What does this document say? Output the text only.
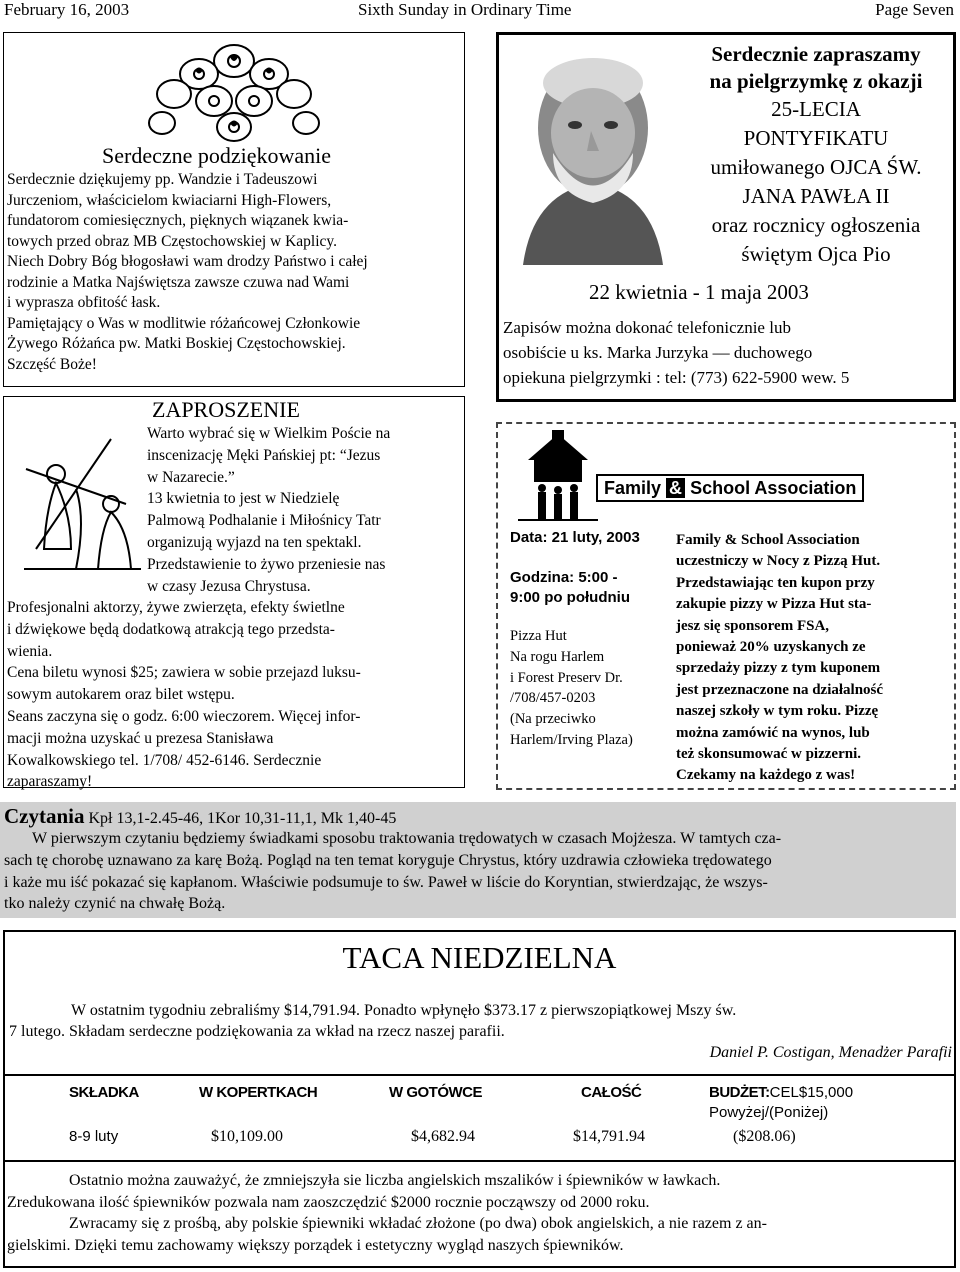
February 16, 2003	Sixth Sunday in Ordinary Time	Page Seven
Serdeczne podziękowanie

Serdecznie dziękujemy pp. Wandzie i Tadeuszowi

Jurczeniom, właścicielom kwiaciarni High-Flowers,

fundatorom comiesięcznych, pięknych wiązanek kwia-

towych przed obraz MB Częstochowskiej w Kaplicy.

Niech Dobry Bóg błogosławi wam drodzy Państwo i całej

rodzinie a Matka Najświętsza zawsze czuwa nad Wami

i wyprasza obfitość łask.

Pamiętający o Was w modlitwie różańcowej Członkowie

Żywego Różańca pw. Matki Boskiej Częstochowskiej.

Szczęść Boże!

Serdecznie zapraszamy
na pielgrzymkę z okazji
25-LECIA
PONTYFIKATU
umiłowanego OJCA ŚW.
JANA PAWŁA II
oraz rocznicy ogłoszenia
świętym Ojca Pio
22 kwietnia - 1 maja 2003
Zapisów można dokonać telefonicznie lub
osobiście u ks. Marka Jurzyka — duchowego
opiekuna pielgrzymki : tel: (773) 622-5900 wew. 5
ZAPROSZENIE

Warto wybrać się w Wielkim Poście na

inscenizację Męki Pańskiej pt: “Jezus

w Nazarecie.”

13 kwietnia to jest w Niedzielę

Palmową Podhalanie i Miłośnicy Tatr

organizują wyjazd na ten spektakl.

Przedstawienie to żywo przeniesie nas

w czasy Jezusa Chrystusa.

Profesjonalni aktorzy, żywe zwierzęta, efekty świetlne

i dźwiękowe będą dodatkową atrakcją tego przedsta-

wienia.

Cena biletu wynosi $25; zawiera w sobie przejazd luksu-

sowym autokarem oraz bilet wstępu.

Seans zaczyna się o godz. 6:00 wieczorem. Więcej infor-

macji można uzyskać u prezesa Stanisława

Kowalkowskiego tel. 1/708/ 452-6146. Serdecznie

zaparaszamy!

Family & School Association
Data: 21 luty, 2003
Godzina: 5:00 -
9:00 po południu
Pizza Hut
Na rogu Harlem
i Forest Preserv Dr.
/708/457-0203
(Na przeciwko
Harlem/Irving Plaza)
Family & School Association
uczestniczy w Nocy z Pizzą Hut.
Przedstawiając ten kupon przy
zakupie pizzy w Pizza Hut sta-
jesz się sponsorem FSA,
ponieważ 20% uzyskanych ze
sprzedaży pizzy z tym kuponem
jest przeznaczone na działalność
naszej szkoły w tym roku. Pizzę
można zamówić na wynos, lub
też skonsumować w pizzerni.
Czekamy na każdego z was!
Czytania Kpł 13,1-2.45-46, 1Kor 10,31-11,1, Mk 1,40-45
W pierwszym czytaniu będziemy świadkami sposobu traktowania trędowatych w czasach Mojżesza. W tamtych cza-
sach tę chorobę uznawano za karę Bożą. Pogląd na ten temat koryguje Chrystus, który uzdrawia człowieka trędowatego
i każe mu iść pokazać się kapłanom. Właściwie podsumuje to św. Paweł w liście do Koryntian, stwierdzając, że wszys-
tko należy czynić na chwałę Bożą.
TACA NIEDZIELNA
W ostatnim tygodniu zebraliśmy $14,791.94. Ponadto wpłynęło $373.17 z pierwszopiątkowej Mszy św.
7 lutego. Składam serdeczne podziękowania za wkład na rzecz naszej parafii.
Daniel P. Costigan, Menadżer Parafii
SKŁADKA	W KOPERTKACH	W GOTÓWCE	CAŁOŚĆ	BUDŻET:CEL$15,000
Powyżej/(Poniżej)
8-9 luty	$10,109.00	$4,682.94	$14,791.94	($208.06)
Ostatnio można zauważyć, że zmniejszyła sie liczba angielskich mszalików i śpiewników w ławkach.
Zredukowana ilość śpiewników pozwala nam zaoszczędzić $2000 rocznie począwszy od 2000 roku.
Zwracamy się z prośbą, aby polskie śpiewniki wkładać złożone (po dwa) obok angielskich, a nie razem z an-
gielskimi. Dzięki temu zachowamy większy porządek i estetyczny wygląd naszych śpiewników.
